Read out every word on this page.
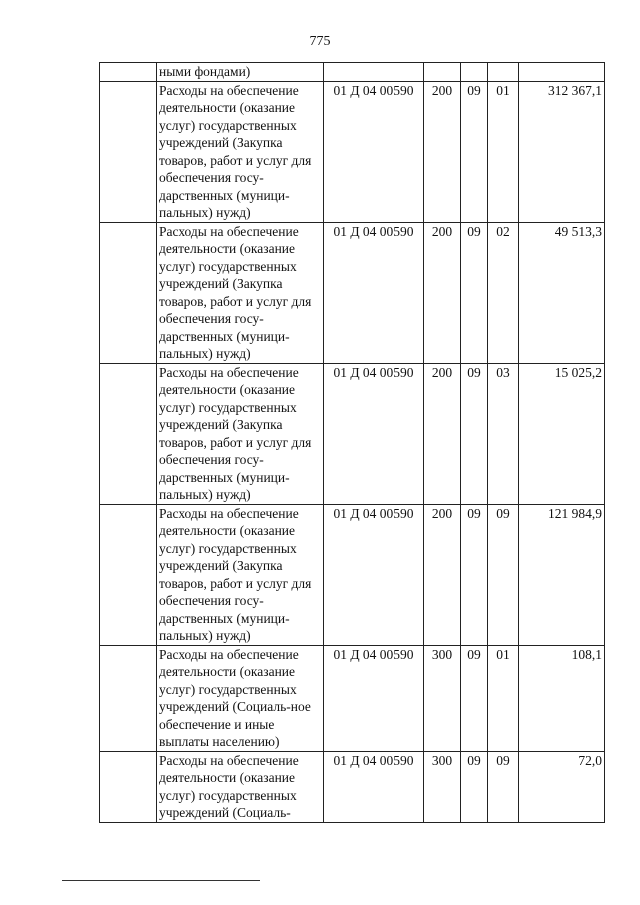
775
	ными фондами)					
	Расходы на обеспечение деятельности (оказание услуг) государственных учреждений (Закупка товаров, работ и услуг для обеспечения госу-дарственных (муници-пальных) нужд)	01 Д 04 00590	200	09	01	312 367,1
	Расходы на обеспечение деятельности (оказание услуг) государственных учреждений (Закупка товаров, работ и услуг для обеспечения госу-дарственных (муници-пальных) нужд)	01 Д 04 00590	200	09	02	49 513,3
	Расходы на обеспечение деятельности (оказание услуг) государственных учреждений (Закупка товаров, работ и услуг для обеспечения госу-дарственных (муници-пальных) нужд)	01 Д 04 00590	200	09	03	15 025,2
	Расходы на обеспечение деятельности (оказание услуг) государственных учреждений (Закупка товаров, работ и услуг для обеспечения госу-дарственных (муници-пальных) нужд)	01 Д 04 00590	200	09	09	121 984,9
	Расходы на обеспечение деятельности (оказание услуг) государственных учреждений (Социаль-ное обеспечение и иные выплаты населению)	01 Д 04 00590	300	09	01	108,1
	Расходы на обеспечение деятельности (оказание услуг) государственных учреждений (Социаль-	01 Д 04 00590	300	09	09	72,0
